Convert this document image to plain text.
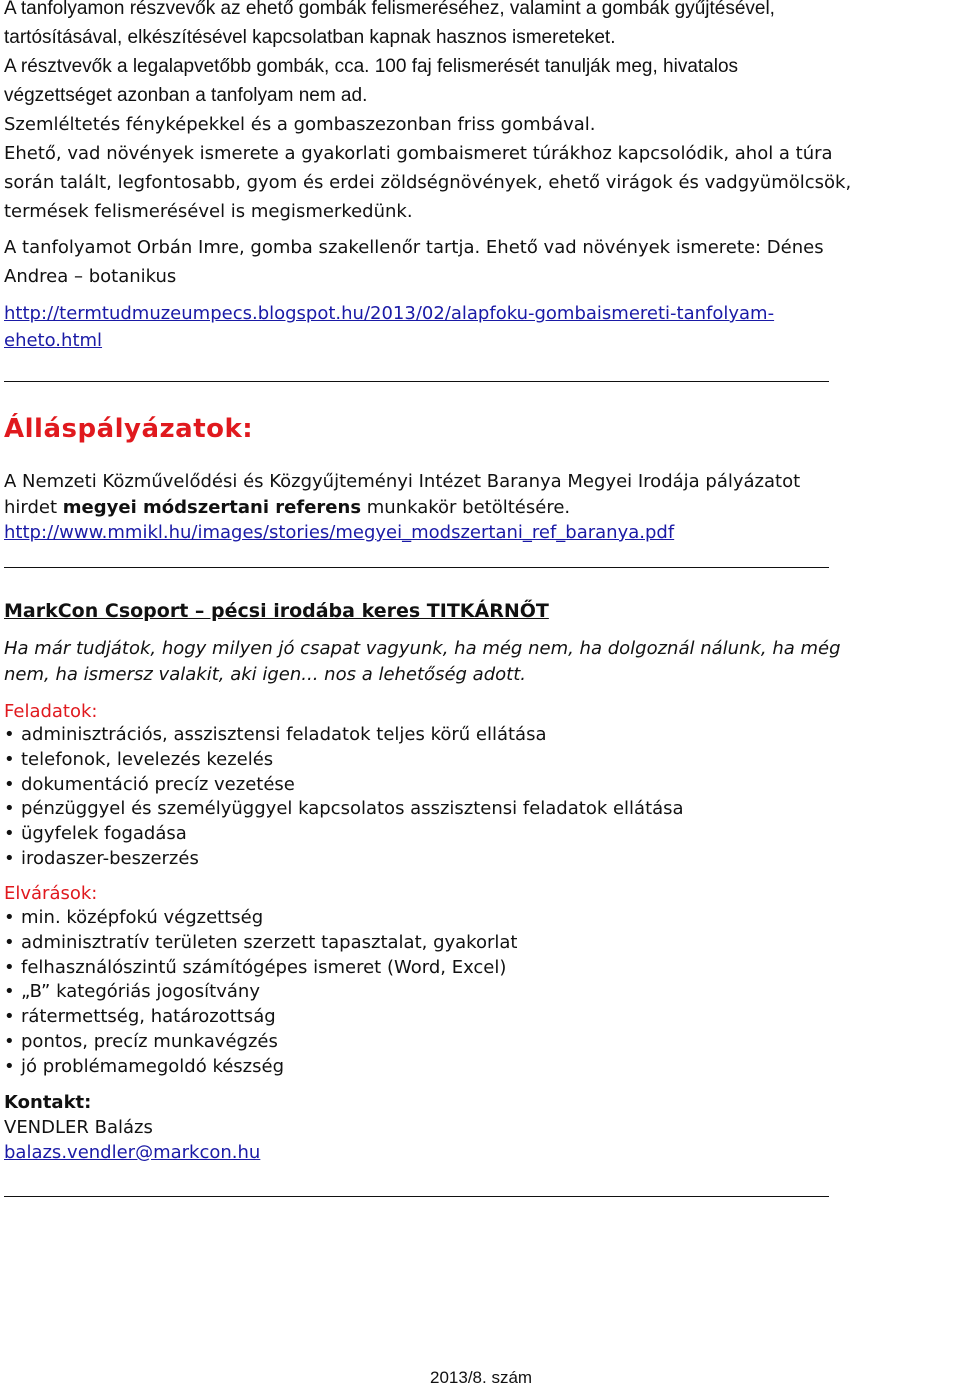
A tanfolyamon részvevők az ehető gombák felismeréséhez, valamint a gombák gyűjtésével,

tartósításával, elkészítésével kapcsolatban kapnak hasznos ismereteket.

A résztvevők a legalapvetőbb gombák, cca. 100 faj felismerését tanulják meg, hivatalos

végzettséget azonban a tanfolyam nem ad.

Szemléltetés fényképekkel és a gombaszezonban friss gombával.

Ehető, vad növények ismerete a gyakorlati gombaismeret túrákhoz kapcsolódik, ahol a túra

során talált, legfontosabb, gyom és erdei zöldségnövények, ehető virágok és vadgyümölcsök,

termések felismerésével is megismerkedünk.

A tanfolyamot Orbán Imre, gomba szakellenőr tartja. Ehető vad növények ismerete: Dénes

Andrea – botanikus

http://termtudmuzeumpecs.blogspot.hu/2013/02/alapfoku-gombaismereti-tanfolyam-
eheto.html

Álláspályázatok:

A Nemzeti Közművelődési és Közgyűjteményi Intézet Baranya Megyei Irodája pályázatot

hirdet megyei módszertani referens munkakör betöltésére.

http://www.mmikl.hu/images/stories/megyei_modszertani_ref_baranya.pdf

MarkCon Csoport – pécsi irodába keres TITKÁRNŐT

Ha már tudjátok, hogy milyen jó csapat vagyunk, ha még nem, ha dolgoznál nálunk, ha még
nem, ha ismersz valakit, aki igen... nos a lehetőség adott.

Feladatok:

• adminisztrációs, asszisztensi feladatok teljes körű ellátása
• telefonok, levelezés kezelés
• dokumentáció precíz vezetése
• pénzüggyel és személyüggyel kapcsolatos asszisztensi feladatok ellátása
• ügyfelek fogadása
• irodaszer-beszerzés

Elvárások:

• min. középfokú végzettség
• adminisztratív területen szerzett tapasztalat, gyakorlat
• felhasználószintű számítógépes ismeret (Word, Excel)
• „B” kategóriás jogosítvány
• rátermettség, határozottság
• pontos, precíz munkavégzés
• jó problémamegoldó készség

Kontakt:

VENDLER Balázs

balazs.vendler@markcon.hu

2013/8. szám
